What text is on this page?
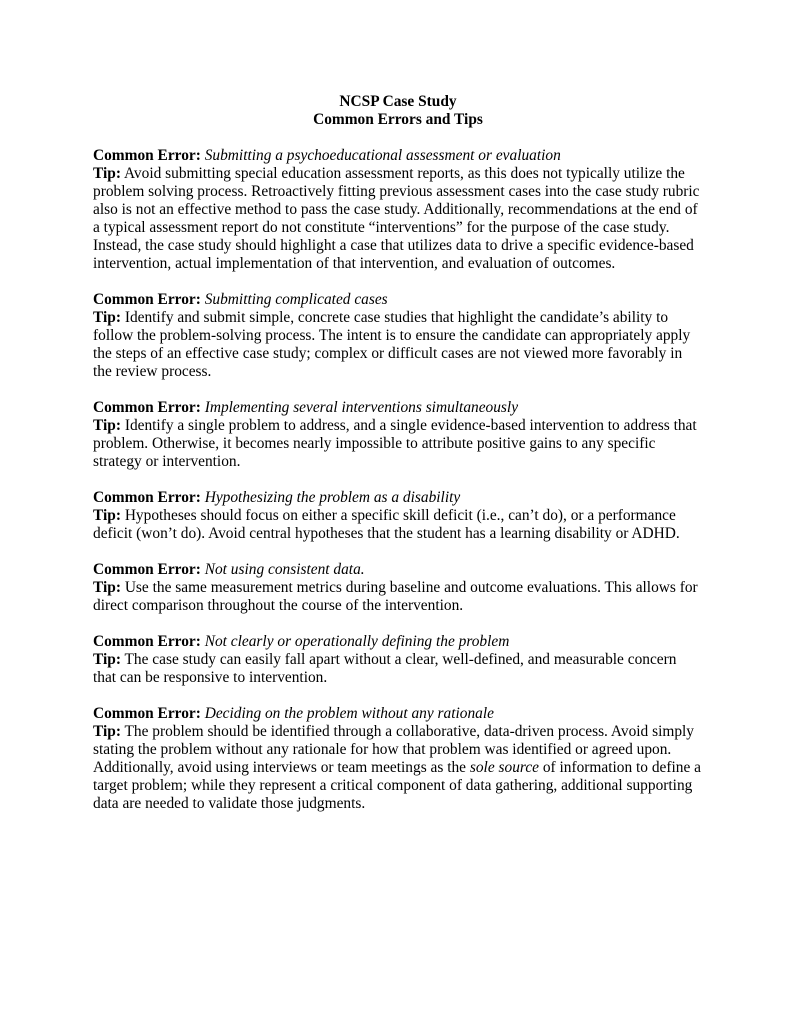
NCSP Case Study
Common Errors and Tips
Common Error: Submitting a psychoeducational assessment or evaluation
Tip: Avoid submitting special education assessment reports, as this does not typically utilize the problem solving process. Retroactively fitting previous assessment cases into the case study rubric also is not an effective method to pass the case study. Additionally, recommendations at the end of a typical assessment report do not constitute “interventions” for the purpose of the case study. Instead, the case study should highlight a case that utilizes data to drive a specific evidence-based intervention, actual implementation of that intervention, and evaluation of outcomes.
Common Error: Submitting complicated cases
Tip: Identify and submit simple, concrete case studies that highlight the candidate’s ability to follow the problem-solving process. The intent is to ensure the candidate can appropriately apply the steps of an effective case study; complex or difficult cases are not viewed more favorably in the review process.
Common Error: Implementing several interventions simultaneously
Tip: Identify a single problem to address, and a single evidence-based intervention to address that problem. Otherwise, it becomes nearly impossible to attribute positive gains to any specific strategy or intervention.
Common Error: Hypothesizing the problem as a disability
Tip: Hypotheses should focus on either a specific skill deficit (i.e., can’t do), or a performance deficit (won’t do). Avoid central hypotheses that the student has a learning disability or ADHD.
Common Error: Not using consistent data.
Tip: Use the same measurement metrics during baseline and outcome evaluations. This allows for direct comparison throughout the course of the intervention.
Common Error: Not clearly or operationally defining the problem
Tip: The case study can easily fall apart without a clear, well-defined, and measurable concern that can be responsive to intervention.
Common Error: Deciding on the problem without any rationale
Tip: The problem should be identified through a collaborative, data-driven process. Avoid simply stating the problem without any rationale for how that problem was identified or agreed upon. Additionally, avoid using interviews or team meetings as the sole source of information to define a target problem; while they represent a critical component of data gathering, additional supporting data are needed to validate those judgments.
